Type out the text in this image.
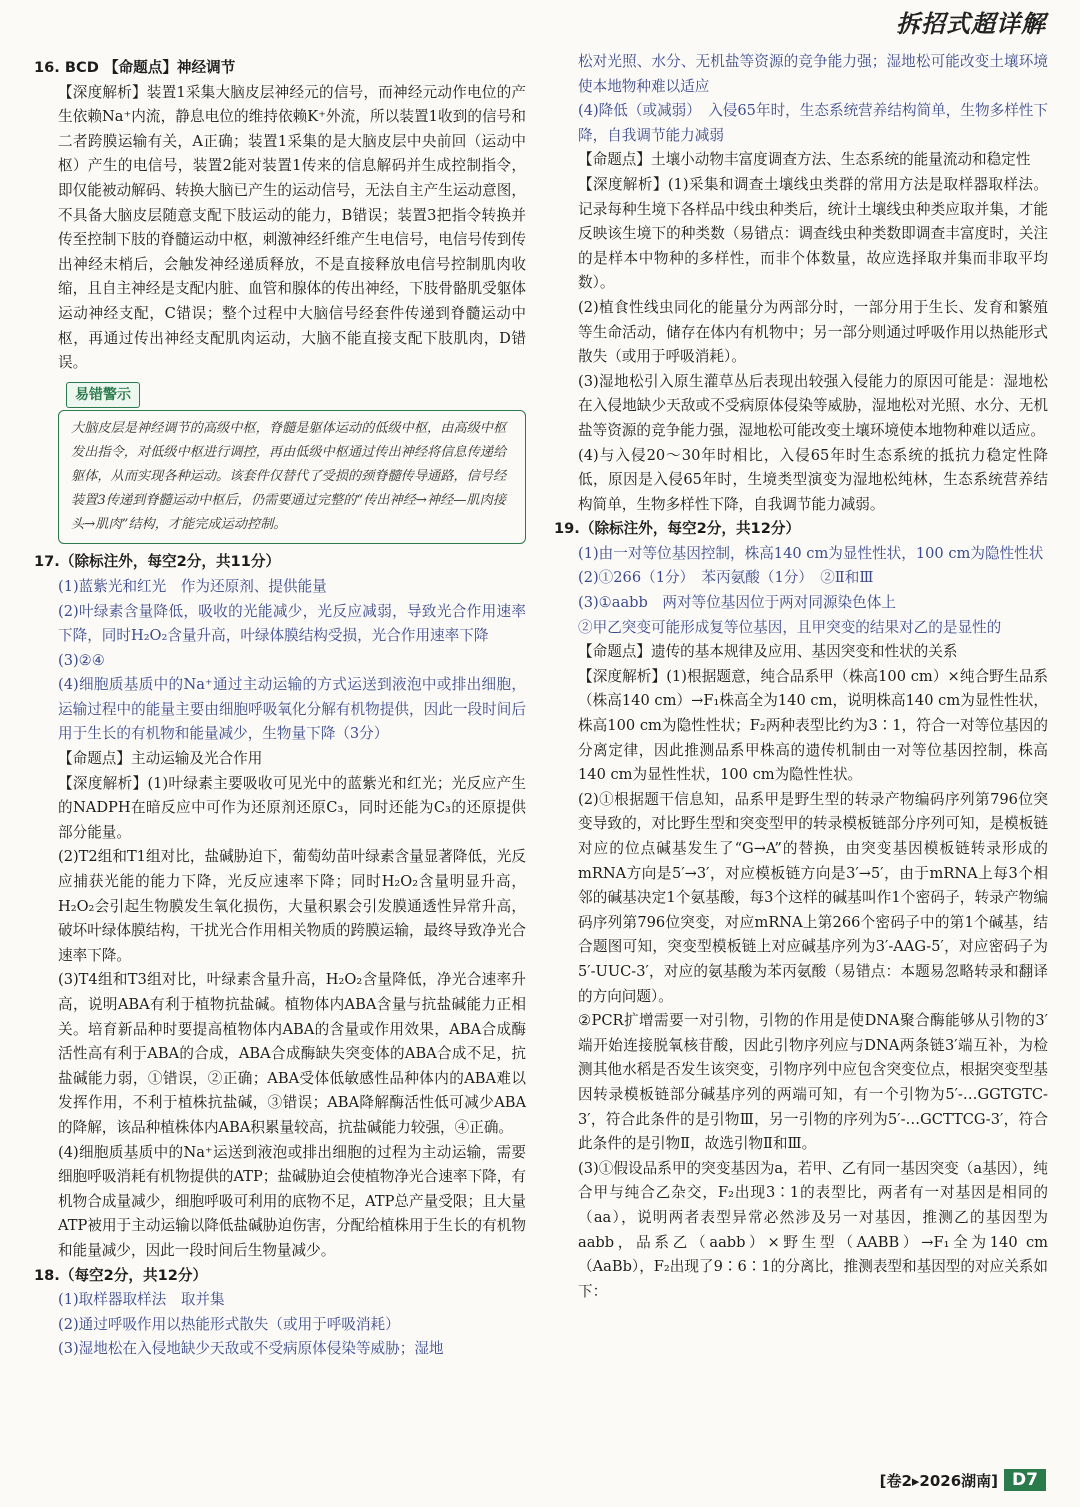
拆招式超详解

16. BCD 【命题点】神经调节

【深度解析】装置1采集大脑皮层神经元的信号，而神经元动作电位的产生依赖Na⁺内流，静息电位的维持依赖K⁺外流，所以装置1收到的信号和二者跨膜运输有关，A正确；装置1采集的是大脑皮层中央前回（运动中枢）产生的电信号，装置2能对装置1传来的信息解码并生成控制指令，即仅能被动解码、转换大脑已产生的运动信号，无法自主产生运动意图，不具备大脑皮层随意支配下肢运动的能力，B错误；装置3把指令转换并传至控制下肢的脊髓运动中枢，刺激神经纤维产生电信号，电信号传到传出神经末梢后，会触发神经递质释放，不是直接释放电信号控制肌肉收缩，且自主神经是支配内脏、血管和腺体的传出神经，下肢骨骼肌受躯体运动神经支配，C错误；整个过程中大脑信号经套件传递到脊髓运动中枢，再通过传出神经支配肌肉运动，大脑不能直接支配下肢肌肉，D错误。

易错警示
大脑皮层是神经调节的高级中枢，脊髓是躯体运动的低级中枢，由高级中枢发出指令，对低级中枢进行调控，再由低级中枢通过传出神经将信息传递给躯体，从而实现各种运动。该套件仅替代了受损的颈脊髓传导通路，信号经装置3传递到脊髓运动中枢后，仍需要通过完整的“传出神经→神经—肌肉接头→肌肉”结构，才能完成运动控制。

17.（除标注外，每空2分，共11分）

(1)蓝紫光和红光　作为还原剂、提供能量

(2)叶绿素含量降低，吸收的光能减少，光反应减弱，导致光合作用速率下降，同时H₂O₂含量升高，叶绿体膜结构受损，光合作用速率下降

(3)②④

(4)细胞质基质中的Na⁺通过主动运输的方式运送到液泡中或排出细胞，运输过程中的能量主要由细胞呼吸氧化分解有机物提供，因此一段时间后用于生长的有机物和能量减少，生物量下降（3分）

【命题点】主动运输及光合作用

【深度解析】(1)叶绿素主要吸收可见光中的蓝紫光和红光；光反应产生的NADPH在暗反应中可作为还原剂还原C₃，同时还能为C₃的还原提供部分能量。

(2)T2组和T1组对比，盐碱胁迫下，葡萄幼苗叶绿素含量显著降低，光反应捕获光能的能力下降，光反应速率下降；同时H₂O₂含量明显升高，H₂O₂会引起生物膜发生氧化损伤，大量积累会引发膜通透性异常升高，破坏叶绿体膜结构，干扰光合作用相关物质的跨膜运输，最终导致净光合速率下降。

(3)T4组和T3组对比，叶绿素含量升高，H₂O₂含量降低，净光合速率升高，说明ABA有利于植物抗盐碱。植物体内ABA含量与抗盐碱能力正相关。培育新品种时要提高植物体内ABA的含量或作用效果，ABA合成酶活性高有利于ABA的合成，ABA合成酶缺失突变体的ABA合成不足，抗盐碱能力弱，①错误，②正确；ABA受体低敏感性品种体内的ABA难以发挥作用，不利于植株抗盐碱，③错误；ABA降解酶活性低可减少ABA的降解，该品种植株体内ABA积累量较高，抗盐碱能力较强，④正确。

(4)细胞质基质中的Na⁺运送到液泡或排出细胞的过程为主动运输，需要细胞呼吸消耗有机物提供的ATP；盐碱胁迫会使植物净光合速率下降，有机物合成量减少，细胞呼吸可利用的底物不足，ATP总产量受限；且大量ATP被用于主动运输以降低盐碱胁迫伤害，分配给植株用于生长的有机物和能量减少，因此一段时间后生物量减少。

18.（每空2分，共12分）

(1)取样器取样法　取并集

(2)通过呼吸作用以热能形式散失（或用于呼吸消耗）

(3)湿地松在入侵地缺少天敌或不受病原体侵染等威胁；湿地

松对光照、水分、无机盐等资源的竞争能力强；湿地松可能改变土壤环境使本地物种难以适应

(4)降低（或减弱）　入侵65年时，生态系统营养结构简单，生物多样性下降，自我调节能力减弱

【命题点】土壤小动物丰富度调查方法、生态系统的能量流动和稳定性

【深度解析】(1)采集和调查土壤线虫类群的常用方法是取样器取样法。记录每种生境下各样品中线虫种类后，统计土壤线虫种类应取并集，才能反映该生境下的种类数（易错点：调查线虫种类数即调查丰富度时，关注的是样本中物种的多样性，而非个体数量，故应选择取并集而非取平均数）。

(2)植食性线虫同化的能量分为两部分时，一部分用于生长、发育和繁殖等生命活动，储存在体内有机物中；另一部分则通过呼吸作用以热能形式散失（或用于呼吸消耗）。

(3)湿地松引入原生灌草丛后表现出较强入侵能力的原因可能是：湿地松在入侵地缺少天敌或不受病原体侵染等威胁，湿地松对光照、水分、无机盐等资源的竞争能力强，湿地松可能改变土壤环境使本地物种难以适应。

(4)与入侵20～30年时相比，入侵65年时生态系统的抵抗力稳定性降低，原因是入侵65年时，生境类型演变为湿地松纯林，生态系统营养结构简单，生物多样性下降，自我调节能力减弱。

19.（除标注外，每空2分，共12分）

(1)由一对等位基因控制，株高140 cm为显性性状，100 cm为隐性性状

(2)①266（1分）　苯丙氨酸（1分）　②Ⅱ和Ⅲ

(3)①aabb　两对等位基因位于两对同源染色体上

②甲乙突变可能形成复等位基因，且甲突变的结果对乙的是显性的

【命题点】遗传的基本规律及应用、基因突变和性状的关系

【深度解析】(1)根据题意，纯合品系甲（株高100 cm）×纯合野生品系（株高140 cm）→F₁株高全为140 cm，说明株高140 cm为显性性状，株高100 cm为隐性性状；F₂两种表型比约为3∶1，符合一对等位基因的分离定律，因此推测品系甲株高的遗传机制由一对等位基因控制，株高140 cm为显性性状，100 cm为隐性性状。

(2)①根据题干信息知，品系甲是野生型的转录产物编码序列第796位突变导致的，对比野生型和突变型甲的转录模板链部分序列可知，是模板链对应的位点碱基发生了“G→A”的替换，由突变基因模板链转录形成的mRNA方向是5′→3′，对应模板链方向是3′→5′，由于mRNA上每3个相邻的碱基决定1个氨基酸，每3个这样的碱基叫作1个密码子，转录产物编码序列第796位突变，对应mRNA上第266个密码子中的第1个碱基，结合题图可知，突变型模板链上对应碱基序列为3′-AAG-5′，对应密码子为5′-UUC-3′，对应的氨基酸为苯丙氨酸（易错点：本题易忽略转录和翻译的方向问题）。

②PCR扩增需要一对引物，引物的作用是使DNA聚合酶能够从引物的3′端开始连接脱氧核苷酸，因此引物序列应与DNA两条链3′端互补，为检测其他水稻是否发生该突变，引物序列中应包含突变位点，根据突变型基因转录模板链部分碱基序列的两端可知，有一个引物为5′-…GGTGTC-3′，符合此条件的是引物Ⅲ，另一引物的序列为5′-…GCTTCG-3′，符合此条件的是引物Ⅱ，故选引物Ⅱ和Ⅲ。

(3)①假设品系甲的突变基因为a，若甲、乙有同一基因突变（a基因），纯合甲与纯合乙杂交，F₂出现3∶1的表型比，两者有一对基因是相同的（aa），说明两者表型异常必然涉及另一对基因，推测乙的基因型为aabb，品系乙（aabb）×野生型（AABB）→F₁全为140 cm（AaBb），F₂出现了9∶6∶1的分离比，推测表型和基因型的对应关系如下：

[卷2▸2026湖南] D7
